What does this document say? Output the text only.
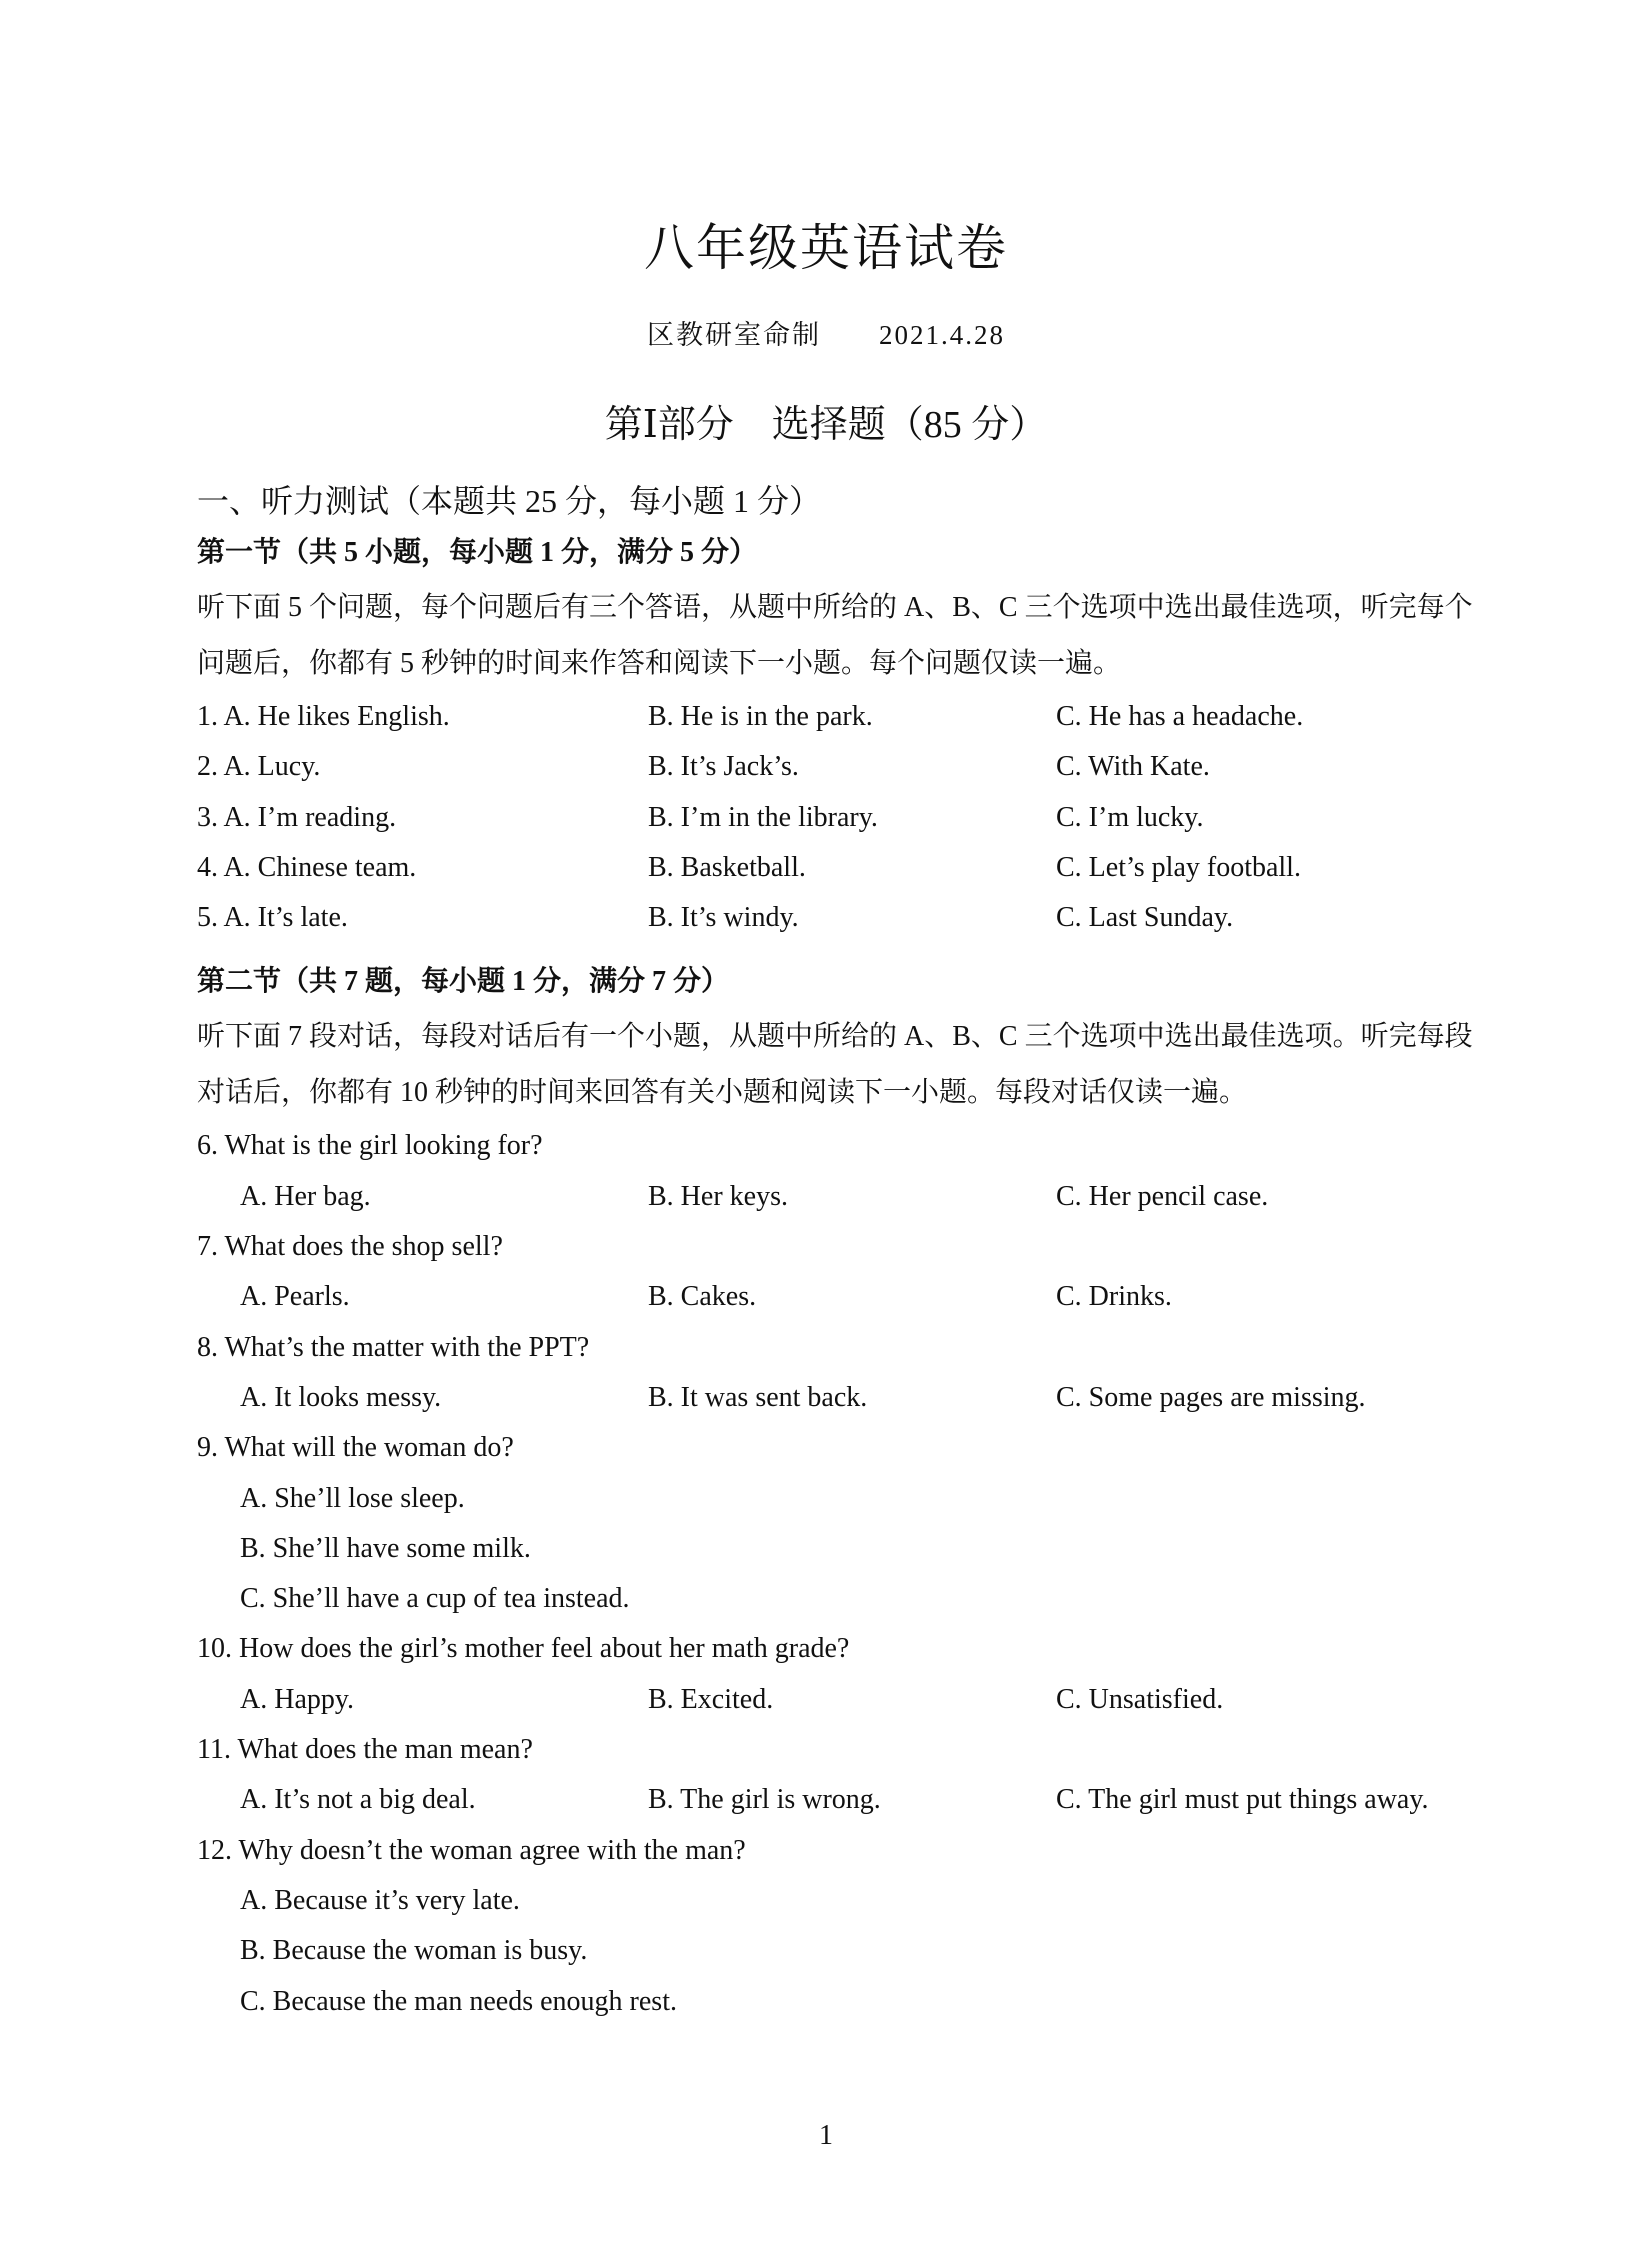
八年级英语试卷
区教研室命制 2021.4.28
第Ⅰ部分 选择题（85 分）
一、听力测试（本题共 25 分，每小题 1 分）
第一节（共 5 小题，每小题 1 分，满分 5 分）
听下面 5 个问题，每个问题后有三个答语，从题中所给的 A、B、C 三个选项中选出最佳选项，听完每个问题后，你都有 5 秒钟的时间来作答和阅读下一小题。每个问题仅读一遍。
1. A. He likes English.	B. He is in the park.	C. He has a headache.
2. A. Lucy.	B. It’s Jack’s.	C. With Kate.
3. A. I’m reading.	B. I’m in the library.	C. I’m lucky.
4. A. Chinese team.	B. Basketball.	C. Let’s play football.
5. A. It’s late.	B. It’s windy.	C. Last Sunday.
第二节（共 7 题，每小题 1 分，满分 7 分）
听下面 7 段对话，每段对话后有一个小题，从题中所给的 A、B、C 三个选项中选出最佳选项。听完每段对话后，你都有 10 秒钟的时间来回答有关小题和阅读下一小题。每段对话仅读一遍。
6. What is the girl looking for?
A. Her bag.	B. Her keys.	C. Her pencil case.
7. What does the shop sell?
A. Pearls.	B. Cakes.	C. Drinks.
8. What’s the matter with the PPT?
A. It looks messy.	B. It was sent back.	C. Some pages are missing.
9. What will the woman do?
A. She’ll lose sleep.
B. She’ll have some milk.
C. She’ll have a cup of tea instead.
10. How does the girl’s mother feel about her math grade?
A. Happy.	B. Excited.	C. Unsatisfied.
11. What does the man mean?
A. It’s not a big deal.	B. The girl is wrong.	C. The girl must put things away.
12. Why doesn’t the woman agree with the man?
A. Because it’s very late.
B. Because the woman is busy.
C. Because the man needs enough rest.
1
